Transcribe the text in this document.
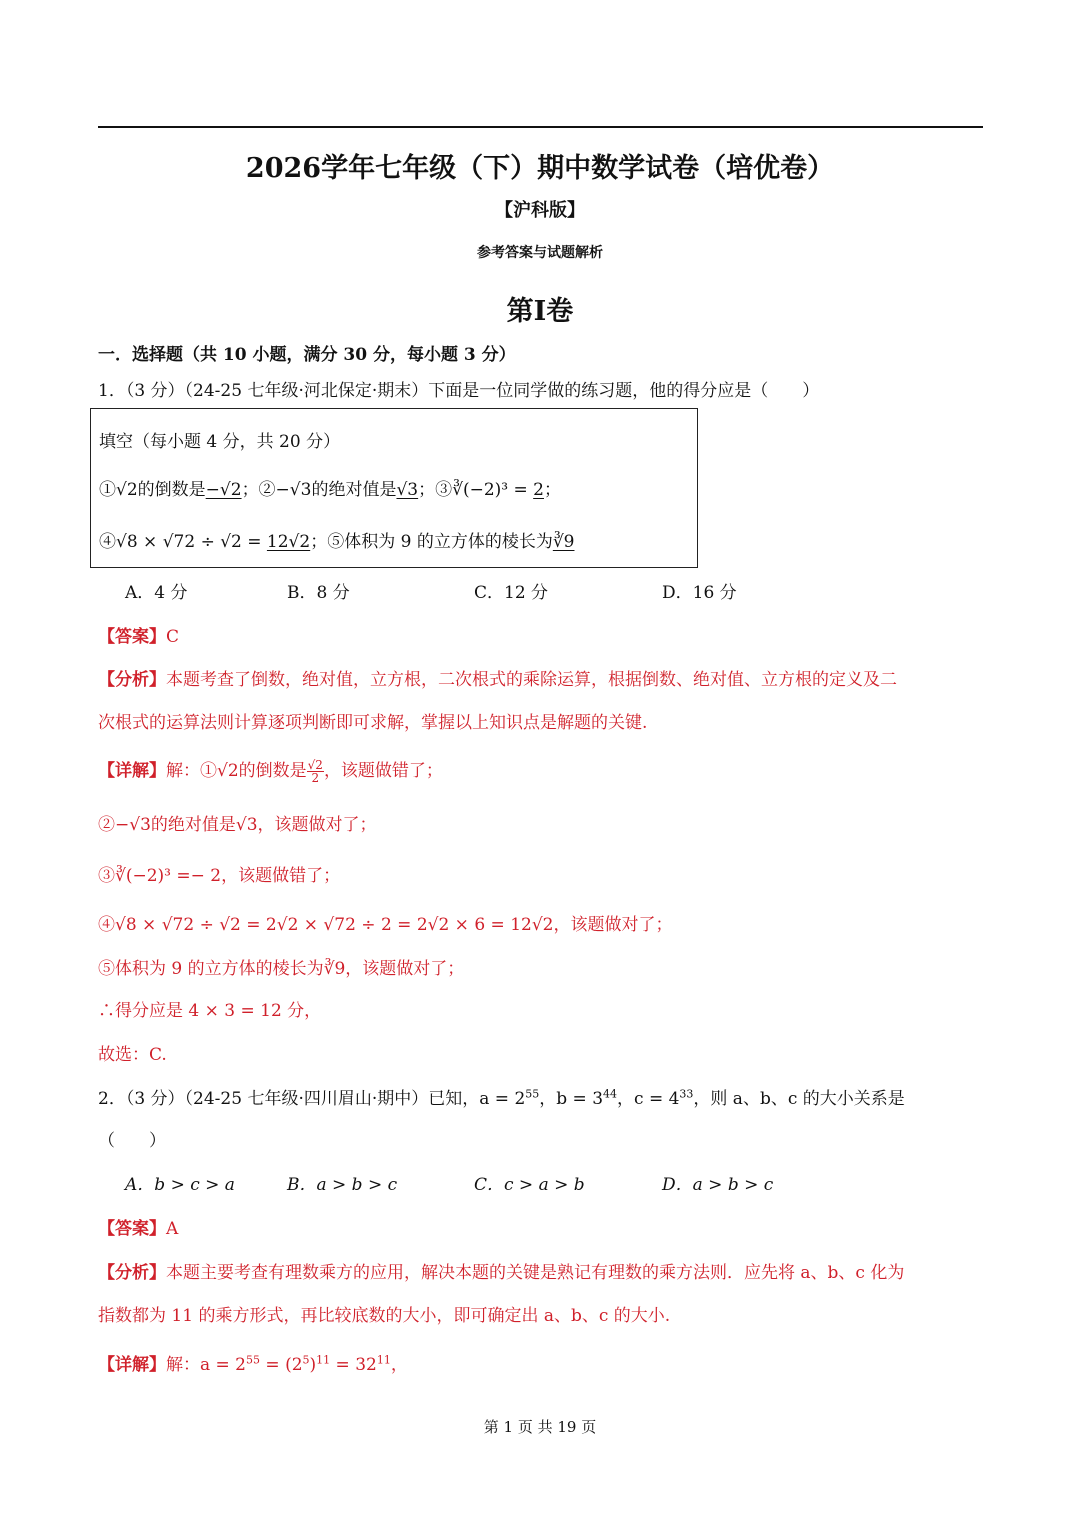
2026学年七年级（下）期中数学试卷（培优卷）
【沪科版】
参考答案与试题解析
第Ⅰ卷
一．选择题（共 10 小题，满分 30 分，每小题 3 分）
1．（3 分）（24-25 七年级·河北保定·期末）下面是一位同学做的练习题，他的得分应是（　　）
填空（每小题 4 分，共 20 分）
①√2的倒数是−√2；②−√3的绝对值是√3；③∛(−2)³ = 2；
④√8 × √72 ÷ √2 = 12√2；⑤体积为 9 的立方体的棱长为∛9
A．4 分	B．8 分	C．12 分	D．16 分
【答案】C
【分析】本题考查了倒数，绝对值，立方根，二次根式的乘除运算，根据倒数、绝对值、立方根的定义及二
次根式的运算法则计算逐项判断即可求解，掌握以上知识点是解题的关键.
【详解】解：①√2的倒数是 $\frac{√2}{2}$ ，该题做错了；
②−√3的绝对值是√3，该题做对了；
③∛(−2)³ =− 2，该题做错了；
④√8 × √72 ÷ √2 = 2√2 × √72 ÷ 2 = 2√2 × 6 = 12√2，该题做对了；
⑤体积为 9 的立方体的棱长为∛9，该题做对了；
∴得分应是 4 × 3 = 12 分，
故选：C.
2．（3 分）（24-25 七年级·四川眉山·期中）已知，$a = 2^{55}$，$b = 3^{44}$，$c = 4^{33}$，则 a、b、c 的大小关系是
（　　）
A．b > c > a	B．a > b > c	C．c > a > b	D．a > b > c
【答案】A
【分析】本题主要考查有理数乘方的应用，解决本题的关键是熟记有理数的乘方法则．应先将 a、b、c 化为
指数都为 11 的乘方形式，再比较底数的大小，即可确定出 a、b、c 的大小.
【详解】解：$a = 2^{55} = (2^5)^{11} = 32^{11}$，
第 1 页 共 19 页
